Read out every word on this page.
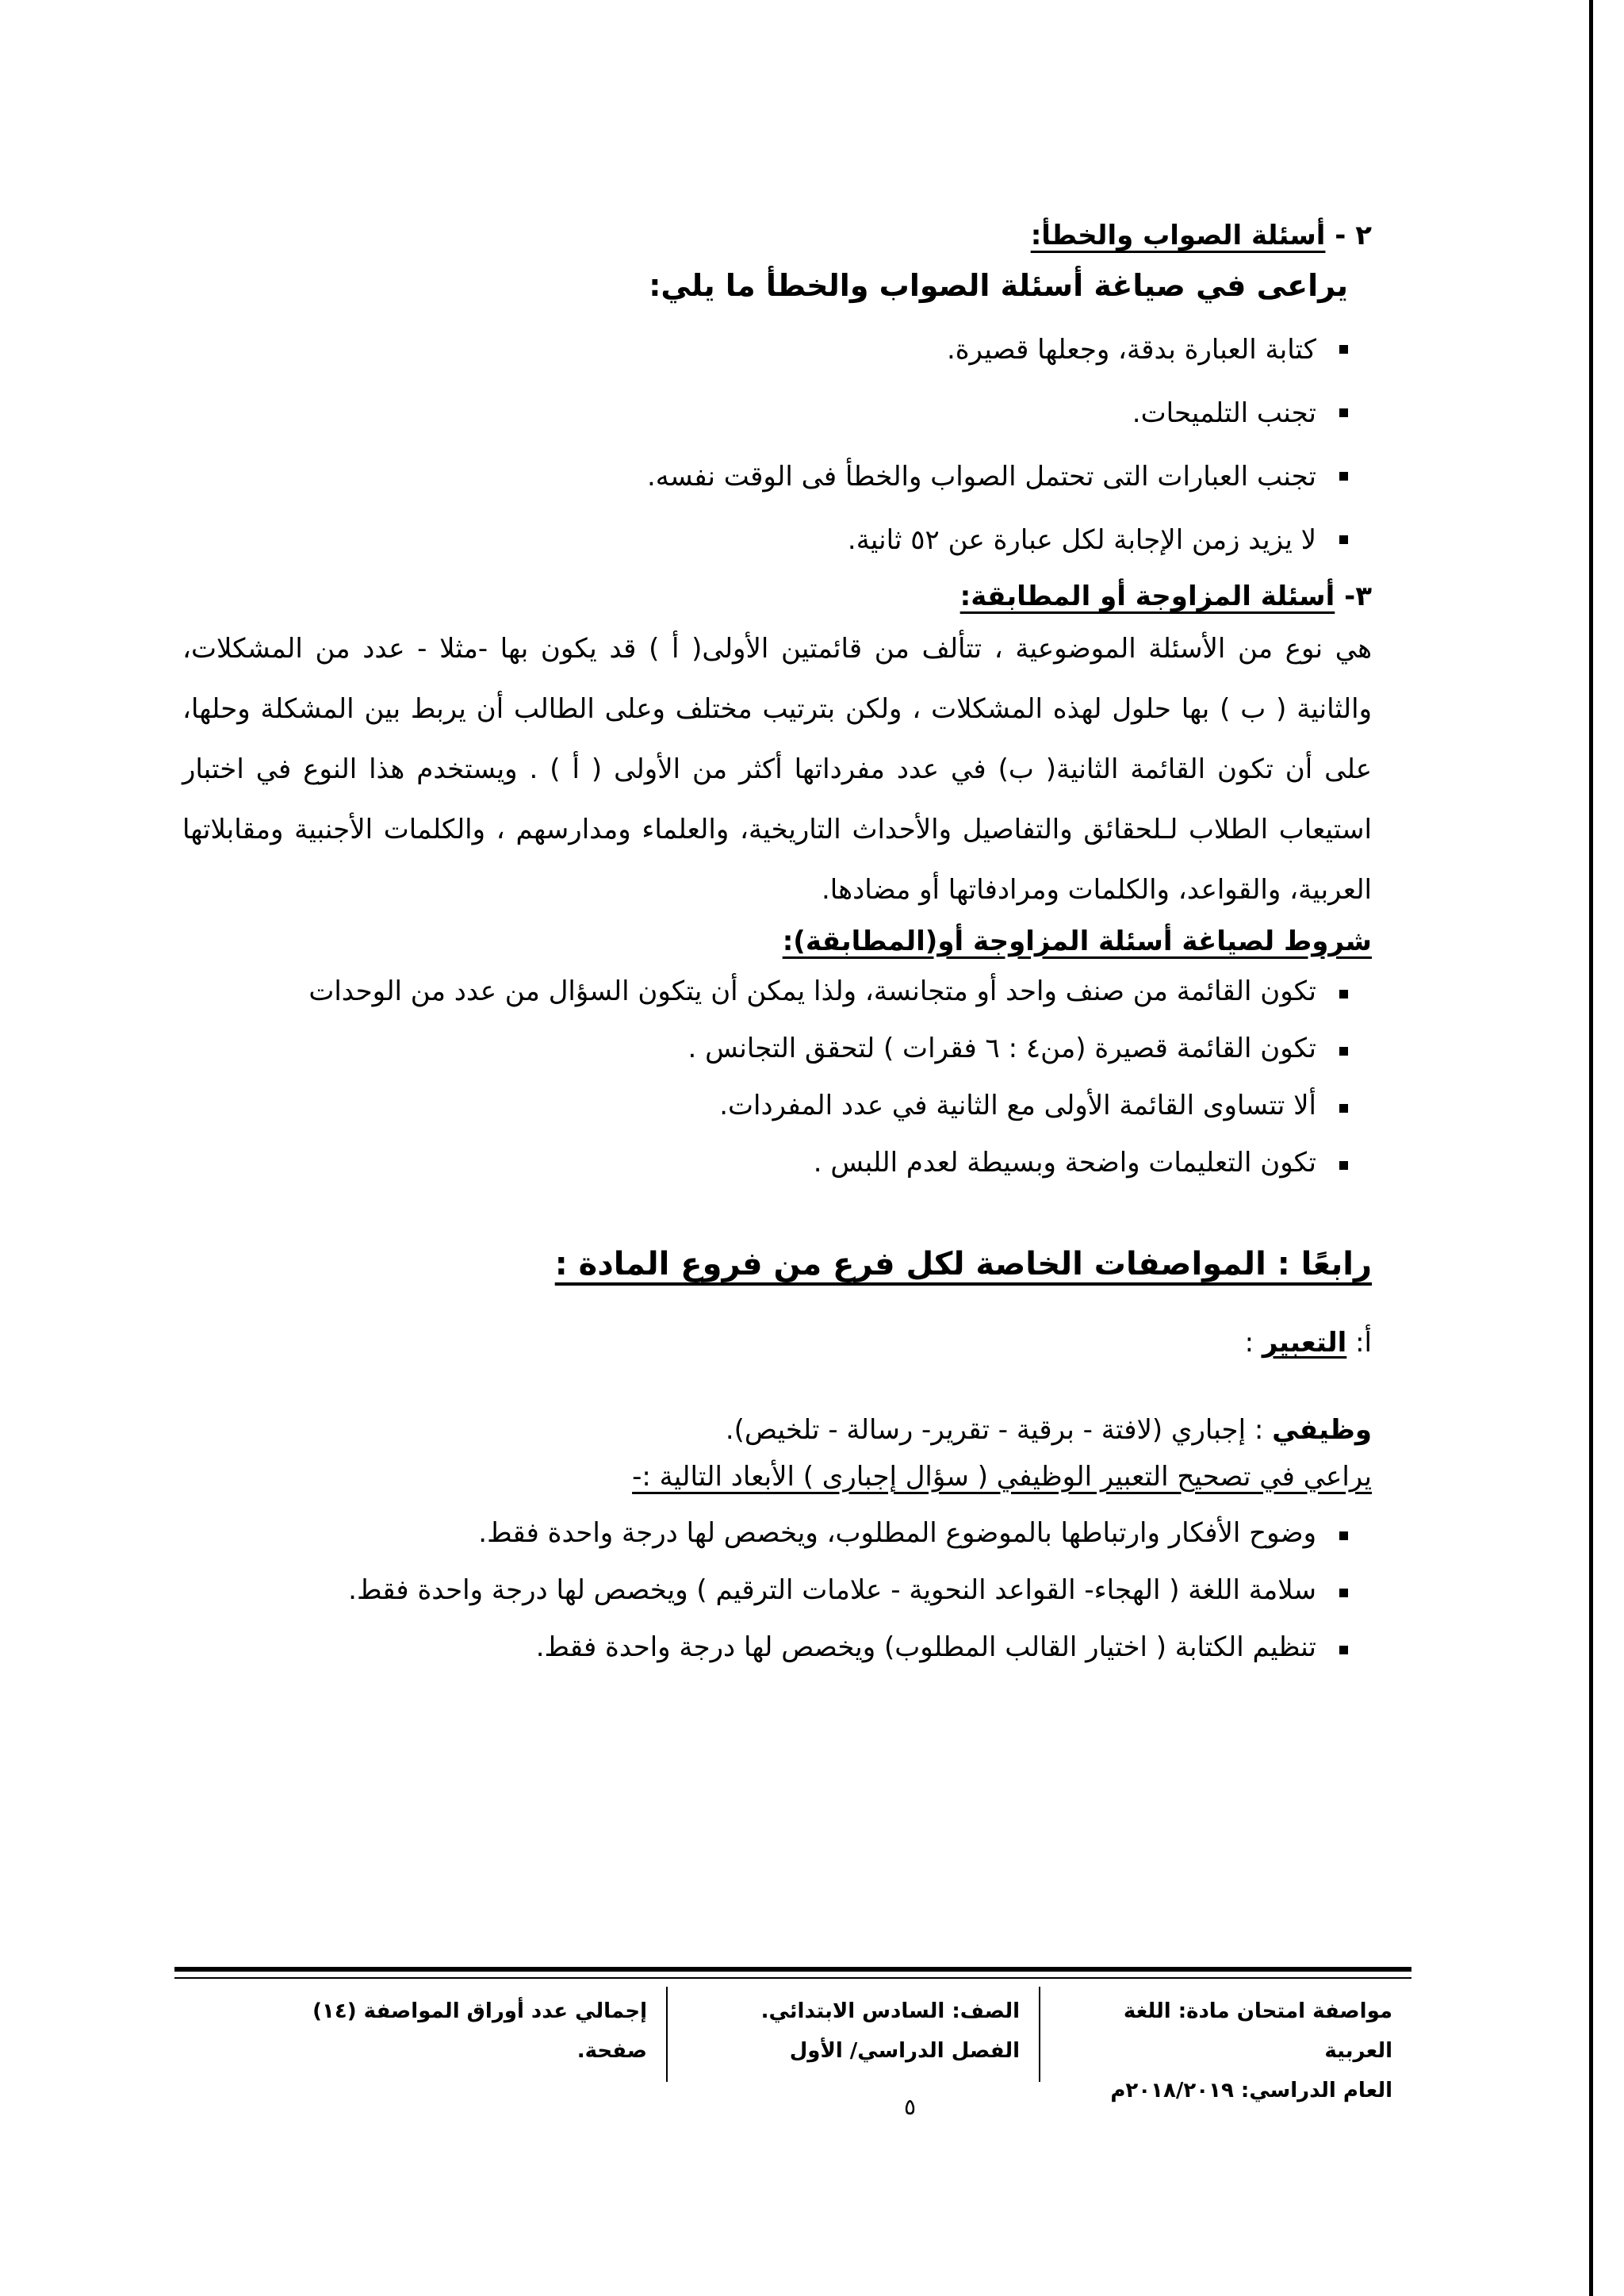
٢ - أسئلة الصواب والخطأ:

يراعى في صياغة أسئلة الصواب والخطأ ما يلي:

كتابة العبارة بدقة، وجعلها قصيرة.
تجنب التلميحات.
تجنب العبارات التى تحتمل الصواب والخطأ فى الوقت نفسه.
لا يزيد زمن الإجابة لكل عبارة عن ٥٢ ثانية.

٣- أسئلة المزاوجة أو المطابقة:

هي نوع من الأسئلة الموضوعية ، تتألف من قائمتين الأولى( أ ) قد يكون بها -مثلا - عدد من المشكلات، والثانية ( ب ) بها حلول لهذه المشكلات ، ولكن بترتيب مختلف وعلى الطالب أن يربط بين المشكلة وحلها، على أن تكون القائمة الثانية( ب) في عدد مفرداتها أكثر من الأولى ( أ ) . ويستخدم هذا النوع في اختبار استيعاب الطلاب لـلحقائق والتفاصيل والأحداث التاريخية، والعلماء ومدارسهم ، والكلمات الأجنبية ومقابلاتها العربية، والقواعد، والكلمات ومرادفاتها أو مضادها.

شروط لصياغة أسئلة المزاوجة أو(المطابقة):

تكون القائمة من صنف واحد أو متجانسة، ولذا يمكن أن يتكون السؤال من عدد من الوحدات
تكون القائمة قصيرة (من٤ : ٦ فقرات ) لتحقق التجانس .
ألا تتساوى القائمة الأولى مع الثانية في عدد المفردات.
تكون التعليمات واضحة وبسيطة لعدم اللبس .

رابعًا : المواصفات الخاصة لكل فرع من فروع المادة :

أ: التعبير :

وظيفي : إجباري (لافتة - برقية - تقرير- رسالة - تلخيص).

يراعي في تصحيح التعبير الوظيفي ( سؤال إجبارى ) الأبعاد التالية :-

وضوح الأفكار وارتباطها بالموضوع المطلوب، ويخصص لها درجة واحدة فقط.
سلامة اللغة ( الهجاء- القواعد النحوية - علامات الترقيم ) ويخصص لها درجة واحدة فقط.
تنظيم الكتابة ( اختيار القالب المطلوب) ويخصص لها درجة واحدة فقط.
مواصفة امتحان مادة: اللغة العربية
العام الدراسي: ٢٠١٨/٢٠١٩م
الصف: السادس الابتدائي.
الفصل الدراسي/ الأول
إجمالي عدد أوراق المواصفة (١٤) صفحة.
٥
